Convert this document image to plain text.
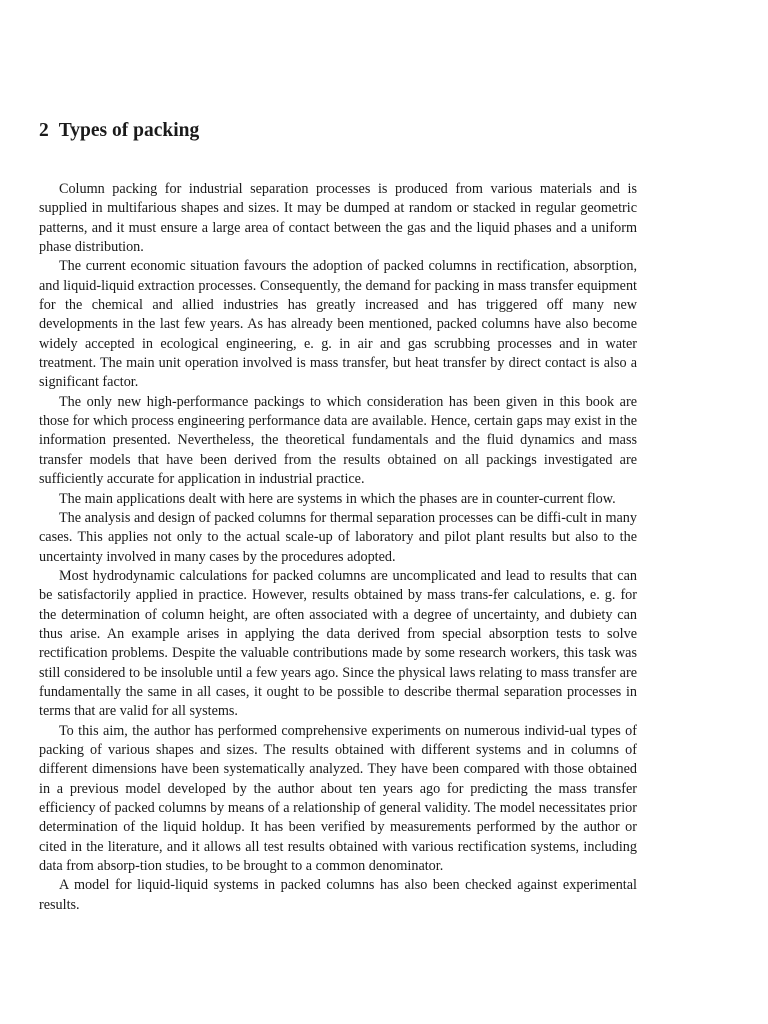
2 Types of packing

Column packing for industrial separation processes is produced from various materials and is supplied in multifarious shapes and sizes. It may be dumped at random or stacked in regular geometric patterns, and it must ensure a large area of contact between the gas and the liquid phases and a uniform phase distribution.

The current economic situation favours the adoption of packed columns in rectification, absorption, and liquid-liquid extraction processes. Consequently, the demand for packing in mass transfer equipment for the chemical and allied industries has greatly increased and has triggered off many new developments in the last few years. As has already been mentioned, packed columns have also become widely accepted in ecological engineering, e. g. in air and gas scrubbing processes and in water treatment. The main unit operation involved is mass transfer, but heat transfer by direct contact is also a significant factor.

The only new high-performance packings to which consideration has been given in this book are those for which process engineering performance data are available. Hence, certain gaps may exist in the information presented. Nevertheless, the theoretical fundamentals and the fluid dynamics and mass transfer models that have been derived from the results obtained on all packings investigated are sufficiently accurate for application in industrial practice.

The main applications dealt with here are systems in which the phases are in counter-current flow.

The analysis and design of packed columns for thermal separation processes can be diffi-cult in many cases. This applies not only to the actual scale-up of laboratory and pilot plant results but also to the uncertainty involved in many cases by the procedures adopted.

Most hydrodynamic calculations for packed columns are uncomplicated and lead to results that can be satisfactorily applied in practice. However, results obtained by mass trans-fer calculations, e. g. for the determination of column height, are often associated with a degree of uncertainty, and dubiety can thus arise. An example arises in applying the data derived from special absorption tests to solve rectification problems. Despite the valuable contributions made by some research workers, this task was still considered to be insoluble until a few years ago. Since the physical laws relating to mass transfer are fundamentally the same in all cases, it ought to be possible to describe thermal separation processes in terms that are valid for all systems.

To this aim, the author has performed comprehensive experiments on numerous individ-ual types of packing of various shapes and sizes. The results obtained with different systems and in columns of different dimensions have been systematically analyzed. They have been compared with those obtained in a previous model developed by the author about ten years ago for predicting the mass transfer efficiency of packed columns by means of a relationship of general validity. The model necessitates prior determination of the liquid holdup. It has been verified by measurements performed by the author or cited in the literature, and it allows all test results obtained with various rectification systems, including data from absorp-tion studies, to be brought to a common denominator.

A model for liquid-liquid systems in packed columns has also been checked against experimental results.
